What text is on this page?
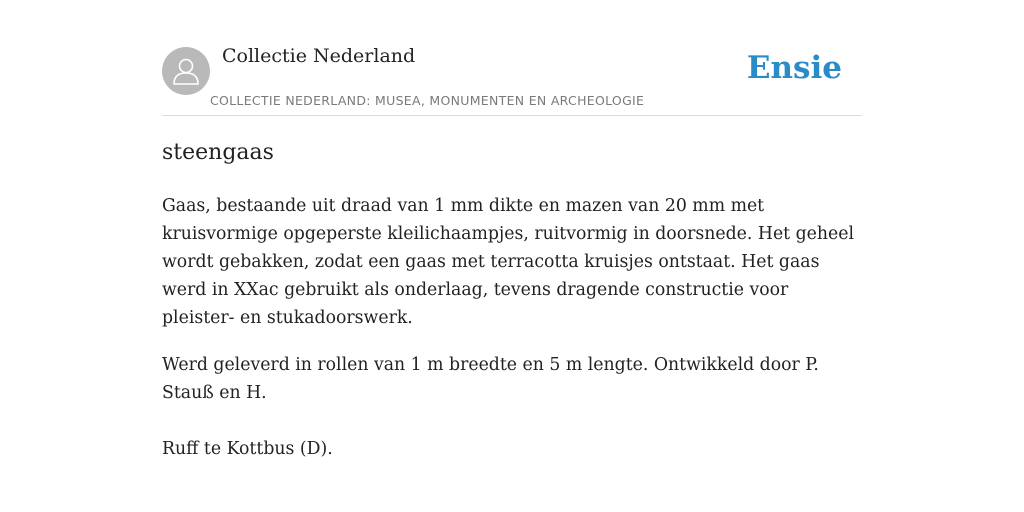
Collectie Nederland
COLLECTIE NEDERLAND: MUSEA, MONUMENTEN EN ARCHEOLOGIE
Ensie
steengaas

Gaas, bestaande uit draad van 1 mm dikte en mazen van 20 mm met kruisvormige opgeperste kleilichaampjes, ruitvormig in doorsnede. Het geheel wordt gebakken, zodat een gaas met terracotta kruisjes ontstaat. Het gaas werd in XXac gebruikt als onderlaag, tevens dragende constructie voor pleister- en stukadoorswerk.

Werd geleverd in rollen van 1 m breedte en 5 m lengte. Ontwikkeld door P. Stauß en H.

Ruff te Kottbus (D).
